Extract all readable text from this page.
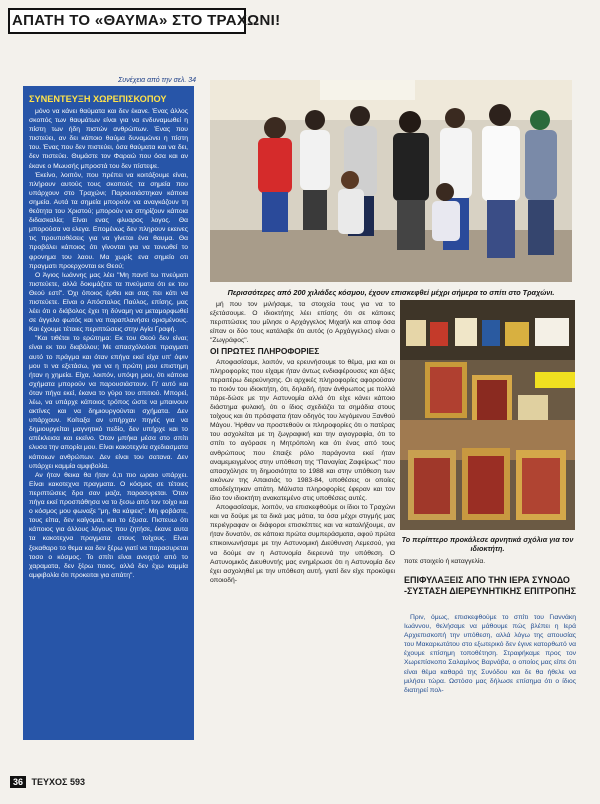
ΑΠΑΤΗ ΤΟ «ΘΑΥΜΑ» ΣΤΟ ΤΡΑΧΩΝΙ!
Συνέχεια από την σελ. 34
ΣΥΝΕΝΤΕΥΞΗ ΧΩΡΕΠΙΣΚΟΠΟΥ

μόνο να κάνει θαύματα και δεν έκανε. Ένας άλλος σκοπός των θαυμάτων είναι για να ενδυναμωθεί η πίστη των ήδη πιστών ανθρώπων. Ένας που πιστεύει, αν δει κάποιο θαύμα δυναμώνει η πίστη του. Ένας που δεν πιστεύει, όσα θαύματα και να δει, δεν πιστεύει. Θυμάστε τον Φαραώ που όσα και αν έκανε ο Μωυσής μπροστά του δεν πίστεψε.

Έκείνο, λοιπόν, που πρέπει να κοιτάξουμε είναι, πλήρουν αυτούς τους σκοπούς τα σημεία που υπάρχουν στο Τραχώνι; Παρουσιάστηκαν κάποια σημεία. Αυτά τα σημεία μπορούν να αναγκάζουν τη θεότητα του Χριστού; μπορούν να στηρίζουν κάποια διδασκαλία; Είναι ενας φλυαρος λογος. Θα μπορούσα να ελεγα. Επομένως δεν πληρουν εκεινες τις προυποθέσεις για να γίνεται ένα θαυμα. Θα προβάλει κάποιος ότι γίνονται για να τονωθεί το φρονημα του λαου. Μα χωρίς ενα σημείο οτι πραγματι προερχονται εκ Θεού;

Ο Άγιος Ιωάννης μας λέει "Μη παντί τω πνεύματι πιστεύετε, αλλά δοκιμάζετε τα πνεύματα ότι εκ του Θεού εστί". Όχι όποιος έρθει και σας πει κάτι να πιστεύετε. Είναι ο Απόστολος Παύλος, επίσης, μας λέει ότι ο διάβολος έχει τη δύναμη να μεταμορφωθεί σε άγγελο φωτός και να παραπλανήσει ορισμένους. Και έχουμε τέτοιες περιπτώσεις στην Αγία Γραφή.

"Και τιθέται το ερώτημα: Εκ του Θεού δεν είναι; είναι εκ του διαβόλου; Με απασχόλούσε πραγματι αυτό το πράγμα και όταν επήγα εκεί είχα υπ' όψιν μου τι να εξετάσω, για να η πρώτη μου επιστημη ήταν η χημεία. Είχα, λοιπόν, υπόψη μου, ότι κάποια σχήματα μπορούν να παρουσιάστουν. Γι' αυτό και όταν πήγα εκεί, έκανα το γύρο του σπιτιού. Μπορεί, λέω, να υπάρχε κάποιος τρόπος ώστε να μπαινουν ακτίνες και να δημιουργούνται σχήματα. Δεν υπάρχουν. Κοίταξα αν υπήρχαν πηγές για να δημιουργείται μαγνητικό πεδίο, δεν υπήρχε και το απέκλεισα και εκείνο. Όταν μπήκα μέσα στο σπίτι ελυσα την απορία μου. Είναι κακοτεχνία σχεδιασματα κάποιων ανθρώπων. Δεν είναι του σατανα. Δεν υπάρχει καμμία αμφιβολία.

Αν ήταν θεικα θα ήταν ό,τι πιο ωραιο υπάρχει. Είναι κακοτεχνα πραγματα. Ο κόσμος σε τέτοιες περιπτώσεις δρα σαν μαζα, παρασυρεται. Όταν πήγα εκεί προσπάθησα να το ξεσω από τον τοίχο και ο κόσμος μου φωναξε "μη, θα κάψεις". Μη φοβάστε, τους είπα, δεν καίγομαι, και το έξυσα. Πιστευω ότι κάποιος για άλλους λόγους που ζητήσε, έκανε αυτα τα κακοτεχνα πραγματα στους τοίχους. Είναι ξεκαθαρο το θεμα και δεν ξέρω γιατί να παρασυρεται τοσο ο κόσμος. Το σπίτι είναι ανοιχτό από το χαραματα, δεν ξέρω ποιος, αλλά δεν έχω καμμία αμφιβολία ότι προκειται για απάτη".

Περισσότερες από 200 χιλιάδες κόσμου, έχουν επισκεφθεί μέχρι σήμερα το σπίτι στο Τραχώνι.

μή που τον μιλήσαμε, τα στοιχεία τους για να το εξετάσουμε. Ο ιδιοκτήτης λέει επίσης ότι σε κάποιες περιπτώσεις του μίλησε ο Αρχάγγελος Μιχαήλ και αποφ όσα είπαν οι δύο τους κατάλαβε ότι αυτός (ο Αρχάγγελος) είναι ο "Ζωγράφος".

ΟΙ ΠΡΩΤΕΣ ΠΛΗΡΟΦΟΡΙΕΣ

Αποφασίσαμε, λοιπόν, να ερευνήσουμε το θέμα, μια και οι πληροφορίες που είχαμε ήταν άντως ενδιαφέρουσες και άξιες περαιτέρω διερεύνησης. Οι αρχικές πληροφορίες αφορούσαν το ποιόν του ιδιοκτήτη, ότι, δηλαδή, ήταν άνθρωπος με πολλά πάρε-δώσε με την Αστυνομία αλλά ότι είχε κάνει κάποιο διάστημα φυλακή, ότι ο ίδιος σχεδιάζει τα σημάδια στους τοίχους και ότι πρόσφατα ήταν οδηγός του λεγόμενου Ξανθού Μάγου. Ήρθαν να προστεθούν οι πληροφορίες ότι ο πατέρας του ασχολείται με τη ζωγραφική και την αγιογραφία, ότι το σπίτι το αγόρασε η Μητρόπολη και ότι ένας από τους ανθρώπους που έπαιξε ρόλο παράγοντα εκεί ήταν αναμεμειγμένος στην υπόθεση της "Παναγίας Ζαφείρως" που απασχόλησε τη δημοσιότητα το 1988 και στην υπόθεση των εικόνων της Απαισιάς το 1983-84, υποθέσεις οι οποίες αποδείχτηκαν απάτη. Μάλιστα πληροφορίες έφεραν και τον ίδιο τον ιδιοκτήτη ανακατεμένο στις υποθέσεις αυτές.

Αποφασίσαμε, λοιπόν, να επισκεφθούμε οι ίδιοι το Τραχώνι και να δούμε με τα δικά μας μάτια, τα όσα μέχρι στιγμής μας περιέγραφαν οι διάφοροι επισκέπτες και να καταλήξουμε, αν ήταν δυνατόν, σε κάποια πρώτα συμπεράσματα, αφού πρώτα επικοινωνήσαμε με την Αστυνομική Διεύθυνση Λεμεσού, για να δούμε αν η Αστυνομία διερευνά την υπόθεση. Ο Αστυνομικός Διευθυντής μας ενημέρωσε ότι η Αστυνομία δεν έχει ασχοληθεί με την υπόθεση αυτή, γιατί δεν είχε προκύψει οποιοδή-

Το περίπτερο προκάλεσε αρνητικά σχόλια για τον ιδιοκτήτη.
ποτε στοιχείο ή καταγγελία.
ΕΠΙΦΥΛΑΞΕΙΣ ΑΠΟ ΤΗΝ ΙΕΡΑ ΣΥΝΟΔΟ -ΣΥΣΤΑΣΗ ΔΙΕΡΕΥΝΗΤΙΚΗΣ ΕΠΙΤΡΟΠΗΣ

Πριν, όμως, επισκεφθούμε το σπίτι του Γιαννάκη Ιωάννου, θελήσαμε να μάθουμε πώς βλέπει η Ιερά Αρχιεπισκοπή την υπόθεση, αλλά λόγω της απουσίας του Μακαριωτάτου στο εξωτερικό δεν έγινε κατορθωτό να έχουμε επίσημη τοποθέτηση. Στραφήκαμε προς τον Χωρεπίσκοπο Σαλαμίνος Βαρνάβα, ο οποίος μας είπε ότι είναι θέμα καθαρά της Συνόδου και δε θα ήθελε να μιλήσει τώρα. Ωστόσο μας δήλωσε επίσημα ότι ο ίδιος διατηρεί πολ-

36 ΤΕΥΧΟΣ 593
